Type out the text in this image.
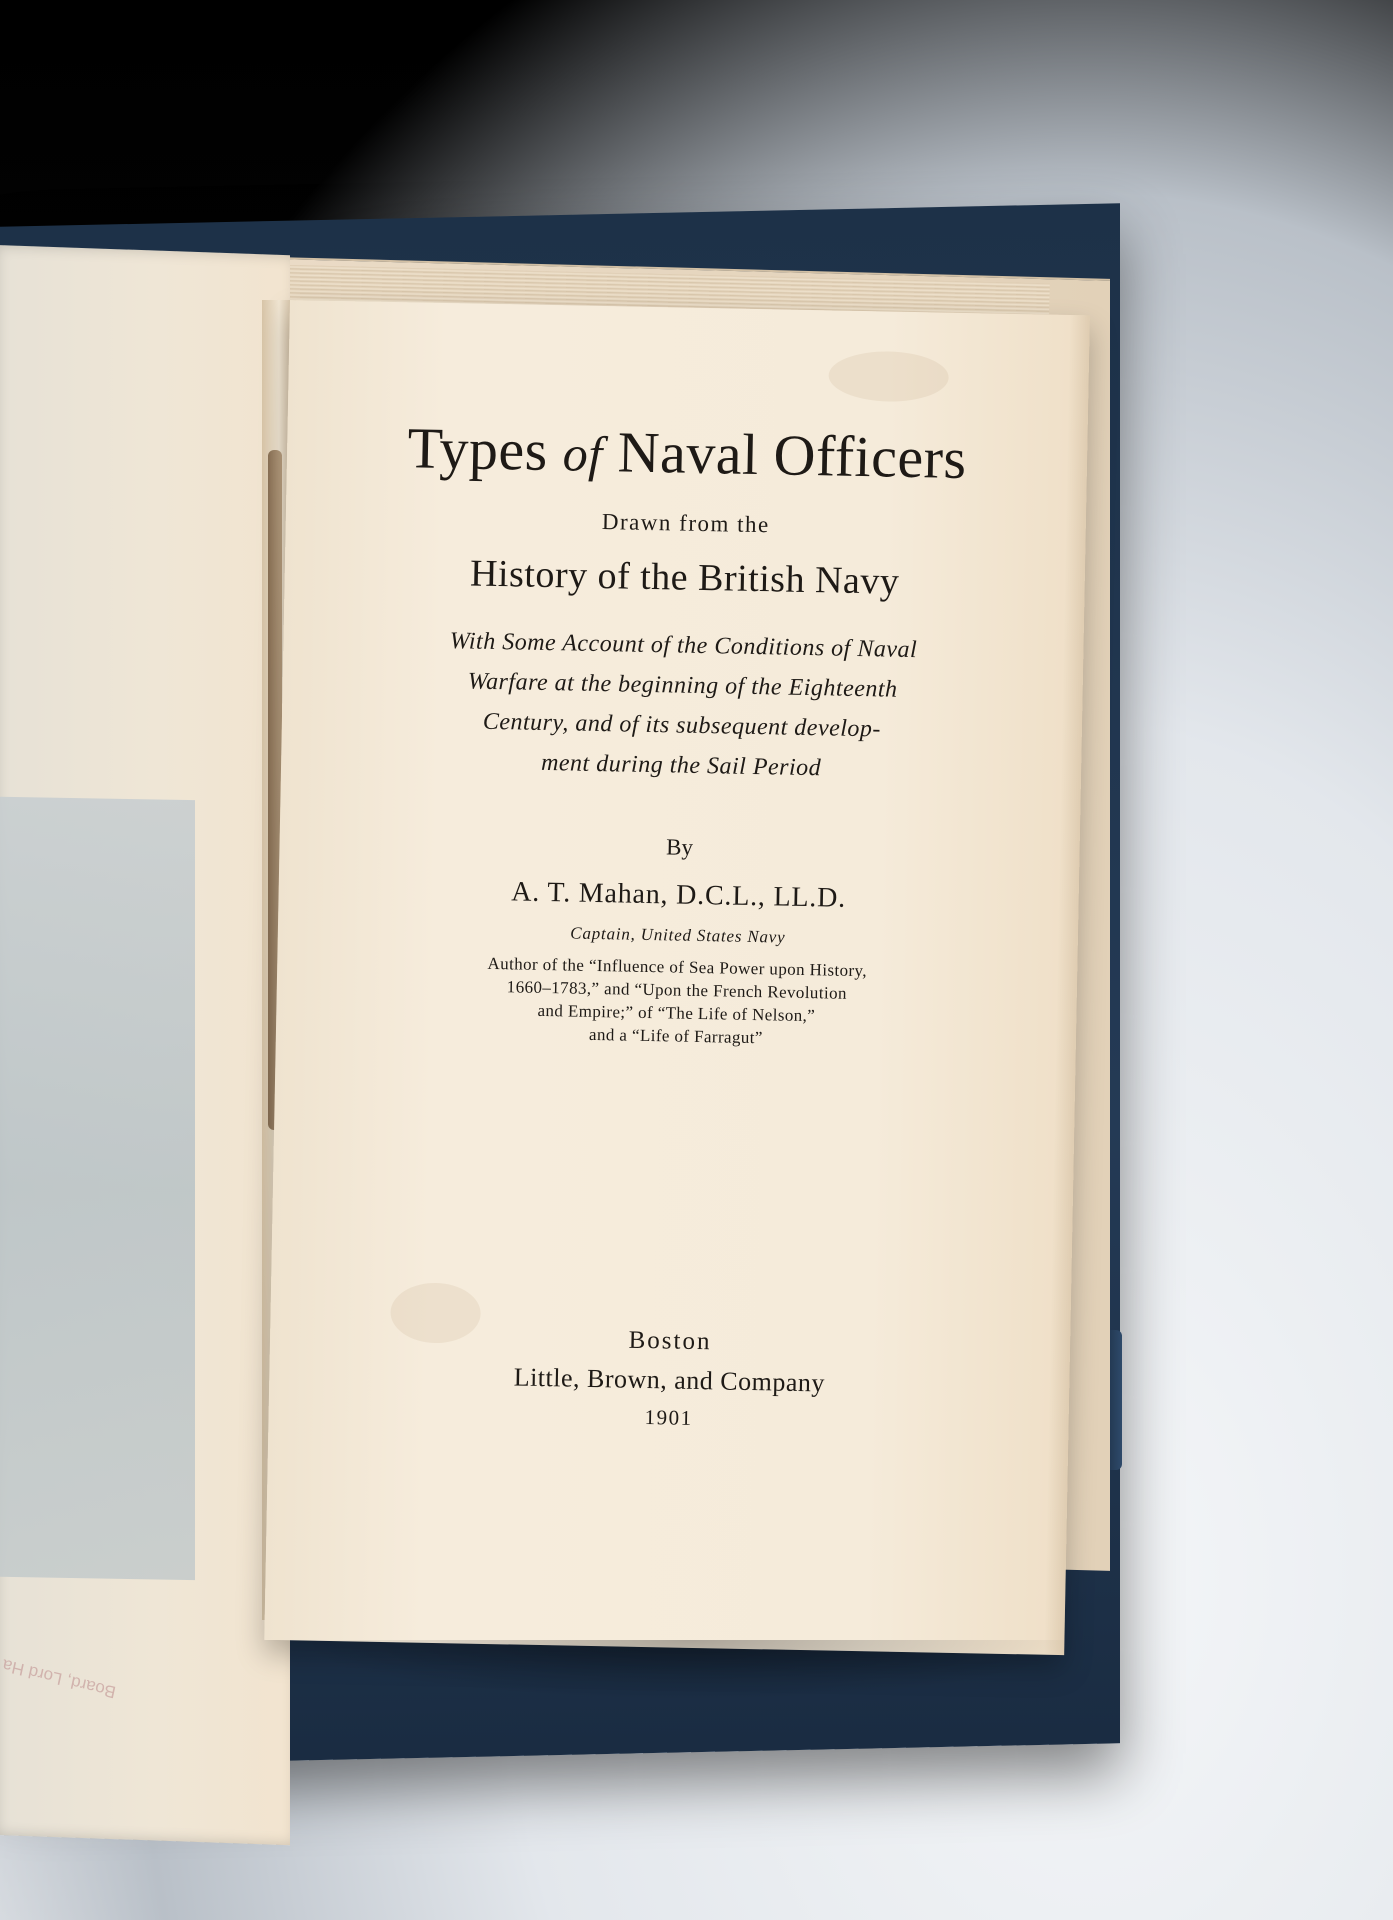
Board, Lord Ha
Types of Naval Officers
Drawn from the
History of the British Navy
With Some Account of the Conditions of Naval
Warfare at the beginning of the Eighteenth
Century, and of its subsequent develop-
ment during the Sail Period
By
A. T. Mahan, D.C.L., LL.D.
Captain, United States Navy
Author of the “Influence of Sea Power upon History,
1660–1783,” and “Upon the French Revolution
and Empire;” of “The Life of Nelson,”
and a “Life of Farragut”
Boston
Little, Brown, and Company
1901
